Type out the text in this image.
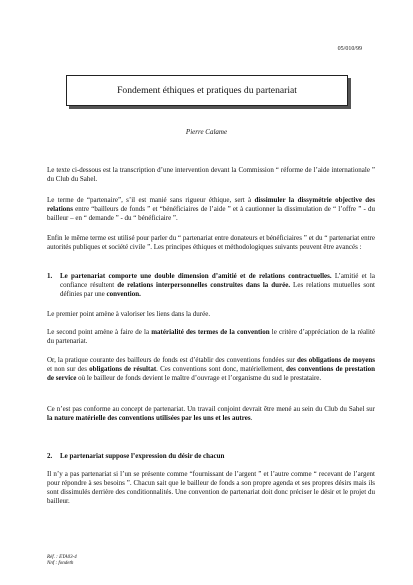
05/010/99
Fondement éthiques et pratiques du partenariat
Pierre Calame
Le texte ci-dessous est la transcription d’une intervention devant la Commission “ réforme de l’aide internationale ” du Club du Sahel.
Le terme de “partenaire”, s’il est manié sans rigueur éthique, sert à dissimuler la dissymétrie objective des relations entre “bailleurs de fonds ” et “bénéficiaires de l’aide ” et à cautionner la dissimulation de “ l’offre ” - du bailleur – en “ demande ” - du “ bénéficiaire ”.
Enfin le même terme est utilisé pour parler du “ partenariat entre donateurs et bénéficiaires ” et du “ partenariat entre autorités publiques et société civile ”. Les principes éthiques et méthodologiques suivants peuvent être avancés :
1. Le partenariat comporte une double dimension d’amitié et de relations contractuelles. L’amitié et la confiance résultent de relations interpersonnelles construites dans la durée. Les relations mutuelles sont définies par une convention.
Le premier point amène à valoriser les liens dans la durée.
Le second point amène à faire de la matérialité des termes de la convention le critère d’appréciation de la réalité du partenariat.
Or, la pratique courante des bailleurs de fonds est d’établir des conventions fondées sur des obligations de moyens et non sur des obligations de résultat. Ces conventions sont donc, matériellement, des conventions de prestation de service où le bailleur de fonds devient le maître d’ouvrage et l’organisme du sud le prestataire.
Ce n’est pas conforme au concept de partenariat. Un travail conjoint devrait être mené au sein du Club du Sahel sur la nature matérielle des conventions utilisées par les uns et les autres.
2. Le partenariat suppose l’expression du désir de chacun
Il n’y a pas partenariat si l’un se présente comme “fournissant de l’argent ” et l’autre comme “ recevant de l’argent pour répondre à ses besoins ”. Chacun sait que le bailleur de fonds a son propre agenda et ses propres désirs mais ils sont dissimulés derrière des conditionnalités. Une convention de partenariat doit donc préciser le désir et le projet du bailleur.
Réf. : ETA03-4
Nnf : fondeth
